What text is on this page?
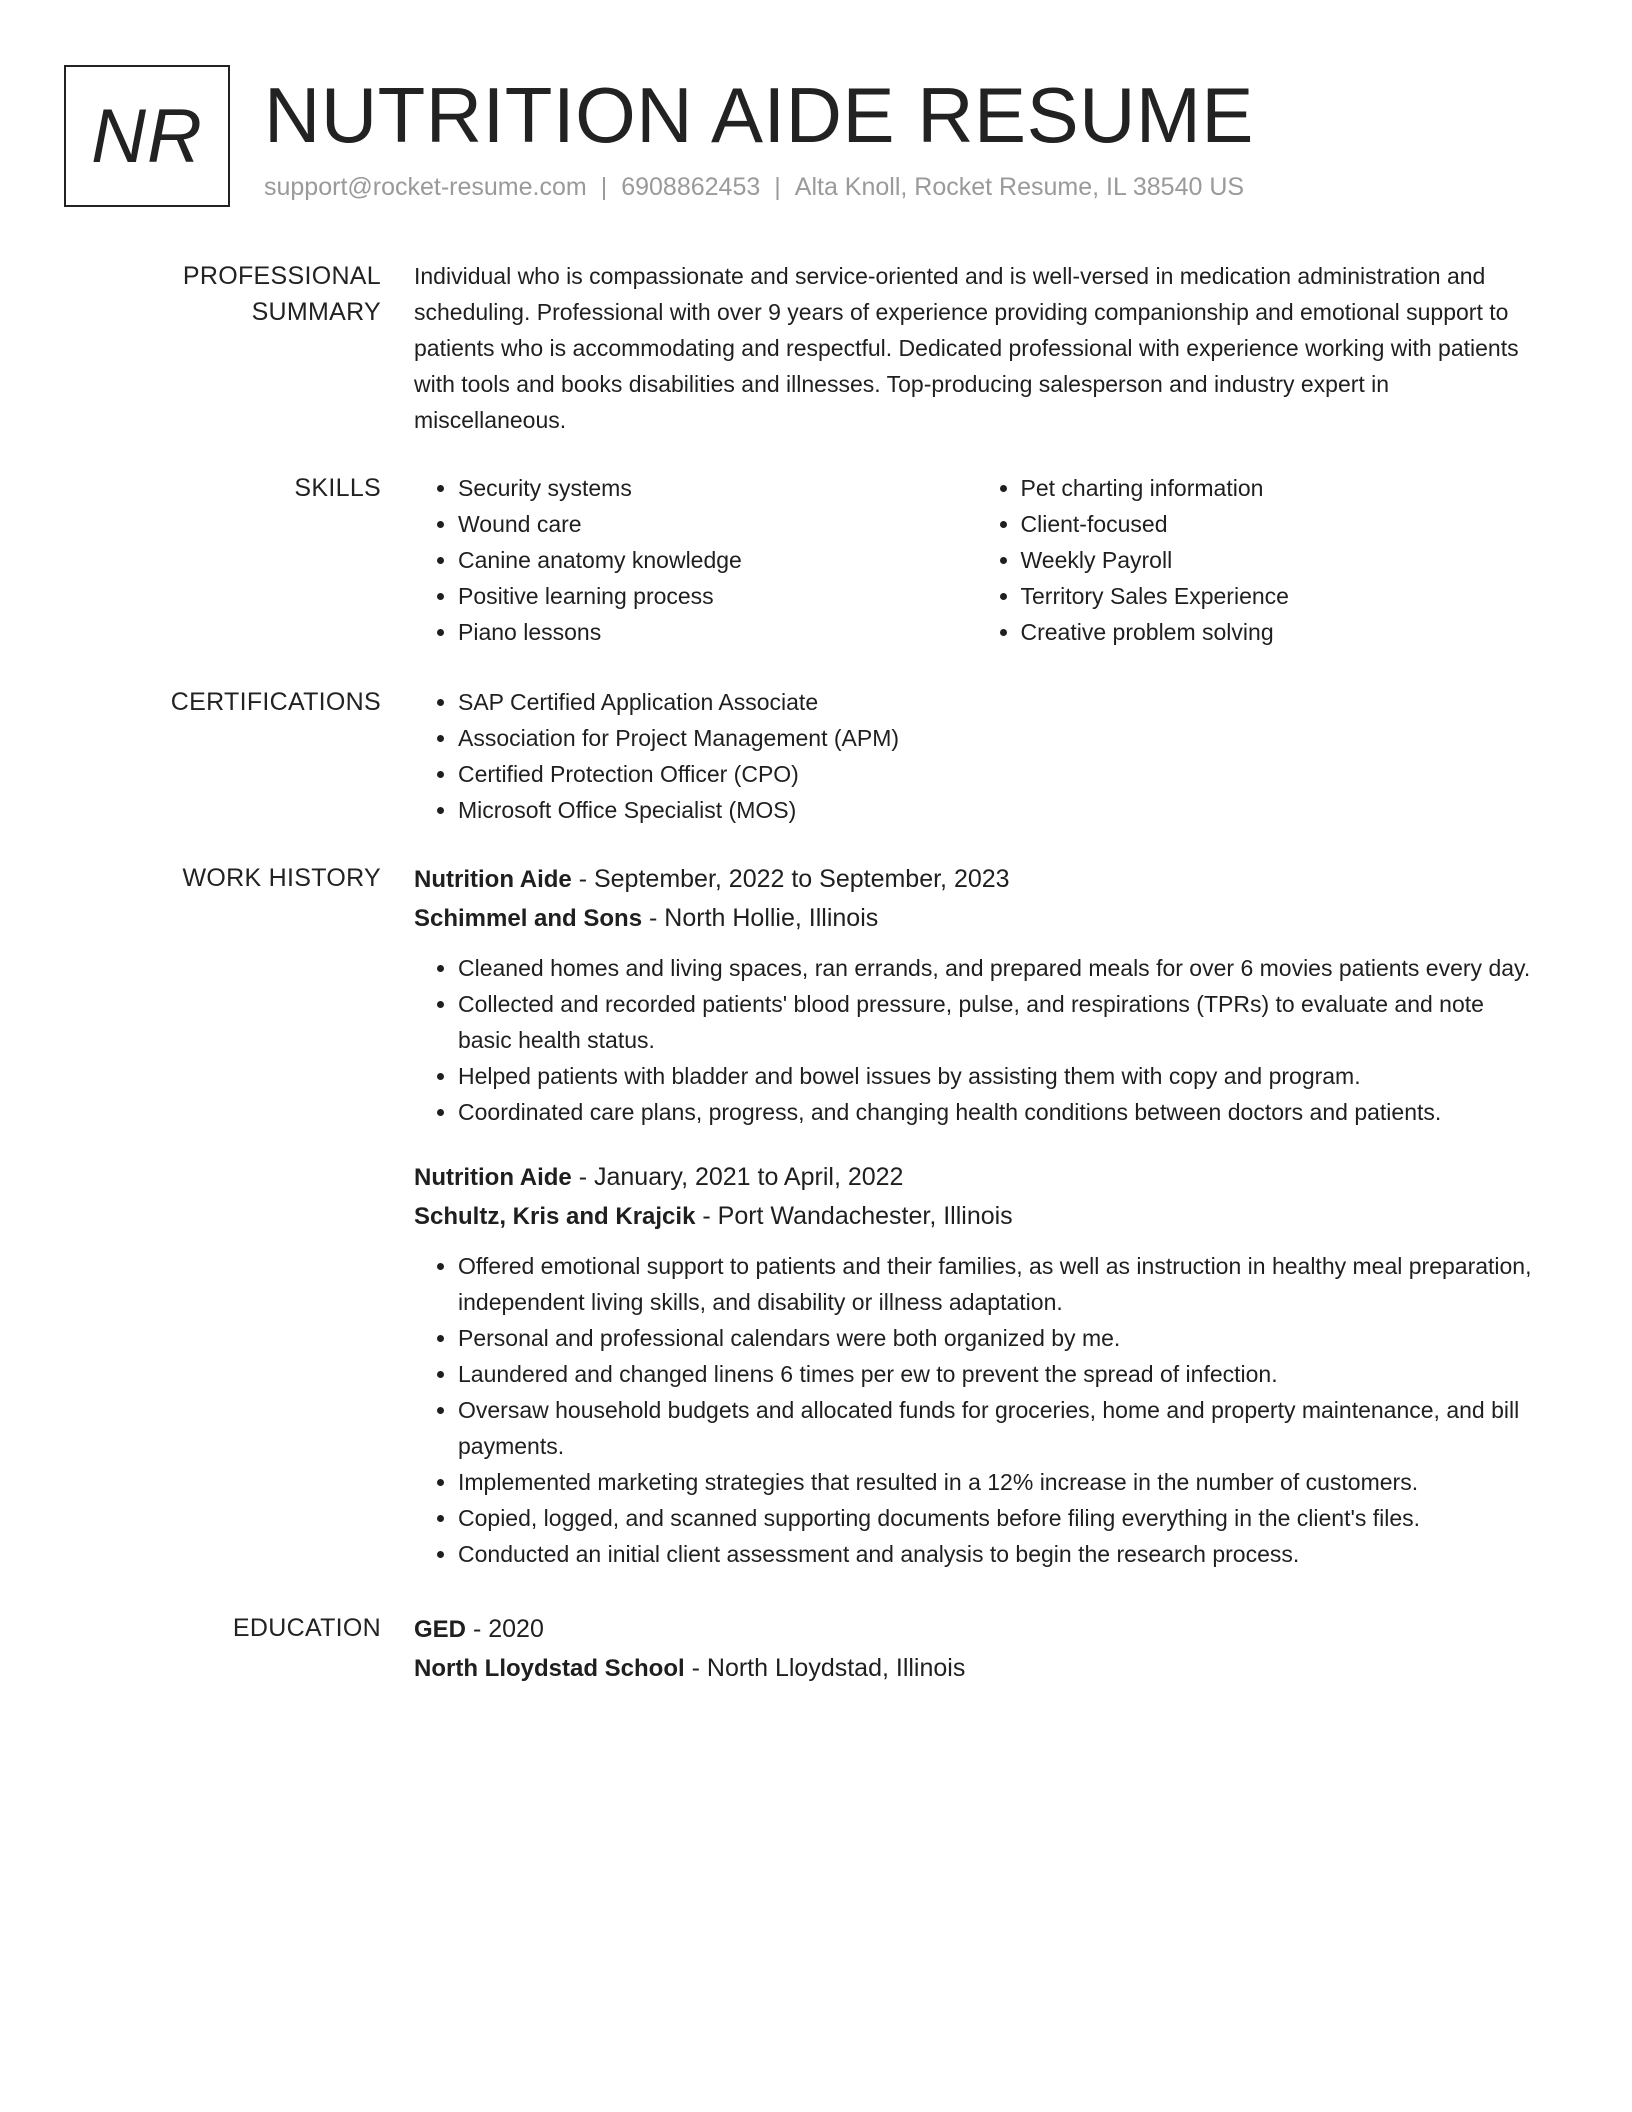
NR NUTRITION AIDE RESUME
support@rocket-resume.com | 6908862453 | Alta Knoll, Rocket Resume, IL 38540 US
PROFESSIONAL SUMMARY

Individual who is compassionate and service-oriented and is well-versed in medication administration and scheduling. Professional with over 9 years of experience providing companionship and emotional support to patients who is accommodating and respectful. Dedicated professional with experience working with patients with tools and books disabilities and illnesses. Top-producing salesperson and industry expert in miscellaneous.

SKILLS	• Security systems
• Wound care
• Canine anatomy knowledge
• Positive learning process
• Piano lessons
• Pet charting information
• Client-focused
• Weekly Payroll
• Territory Sales Experience
• Creative problem solving
CERTIFICATIONS	• SAP Certified Application Associate
• Association for Project Management (APM)
• Certified Protection Officer (CPO)
• Microsoft Office Specialist (MOS)
WORK HISTORY	Nutrition Aide - September, 2022 to September, 2023
Schimmel and Sons - North Hollie, Illinois
• Cleaned homes and living spaces, ran errands, and prepared meals for over 6 movies patients every day.
• Collected and recorded patients' blood pressure, pulse, and respirations (TPRs) to evaluate and note basic health status.
• Helped patients with bladder and bowel issues by assisting them with copy and program.
• Coordinated care plans, progress, and changing health conditions between doctors and patients.
Nutrition Aide - January, 2021 to April, 2022
Schultz, Kris and Krajcik - Port Wandachester, Illinois
• Offered emotional support to patients and their families, as well as instruction in healthy meal preparation, independent living skills, and disability or illness adaptation.
• Personal and professional calendars were both organized by me.
• Laundered and changed linens 6 times per ew to prevent the spread of infection.
• Oversaw household budgets and allocated funds for groceries, home and property maintenance, and bill payments.
• Implemented marketing strategies that resulted in a 12% increase in the number of customers.
• Copied, logged, and scanned supporting documents before filing everything in the client's files.
• Conducted an initial client assessment and analysis to begin the research process.
EDUCATION	GED - 2020
North Lloydstad School - North Lloydstad, Illinois
